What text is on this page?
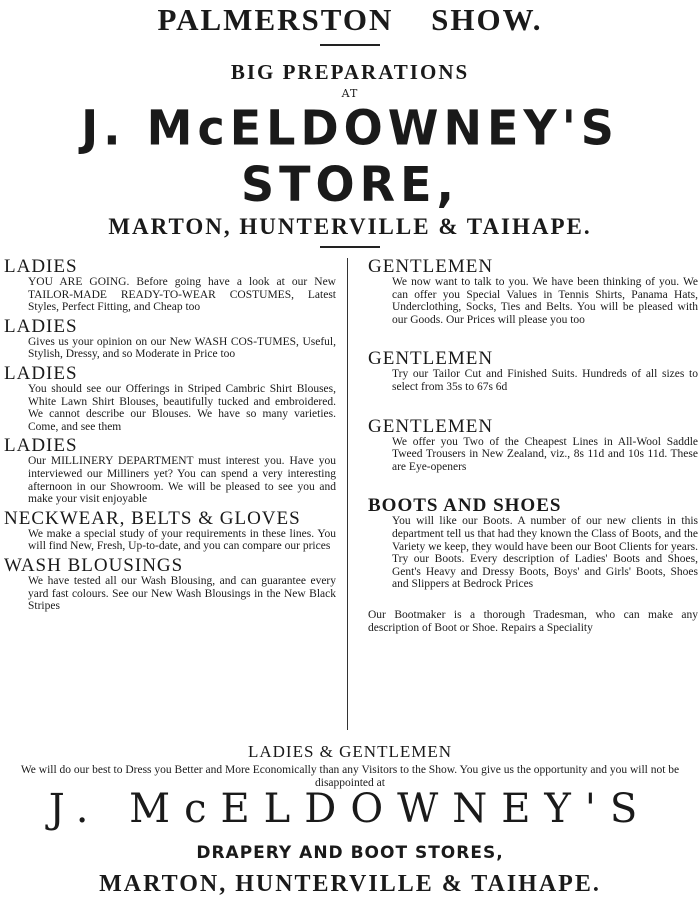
PALMERSTON SHOW.
BIG PREPARATIONS
AT
J. McELDOWNEY'S STORE,
MARTON, HUNTERVILLE & TAIHAPE.

LADIES

YOU ARE GOING. Before going have a look at our New TAILOR-MADE READY-TO-WEAR COSTUMES, Latest Styles, Perfect Fitting, and Cheap too

LADIES

Gives us your opinion on our New WASH COS-TUMES, Useful, Stylish, Dressy, and so Moderate in Price too

LADIES

You should see our Offerings in Striped Cambric Shirt Blouses, White Lawn Shirt Blouses, beautifully tucked and embroidered. We cannot describe our Blouses. We have so many varieties. Come, and see them

LADIES

Our MILLINERY DEPARTMENT must interest you. Have you interviewed our Milliners yet? You can spend a very interesting afternoon in our Showroom. We will be pleased to see you and make your visit enjoyable

NECKWEAR, BELTS & GLOVES

We make a special study of your requirements in these lines. You will find New, Fresh, Up-to-date, and you can compare our prices

WASH BLOUSINGS

We have tested all our Wash Blousing, and can guarantee every yard fast colours. See our New Wash Blousings in the New Black Stripes

GENTLEMEN

We now want to talk to you. We have been thinking of you. We can offer you Special Values in Tennis Shirts, Panama Hats, Underclothing, Socks, Ties and Belts. You will be pleased with our Goods. Our Prices will please you too

GENTLEMEN

Try our Tailor Cut and Finished Suits. Hundreds of all sizes to select from 35s to 67s 6d

GENTLEMEN

We offer you Two of the Cheapest Lines in All-Wool Saddle Tweed Trousers in New Zealand, viz., 8s 11d and 10s 11d. These are Eye-openers

BOOTS AND SHOES

You will like our Boots. A number of our new clients in this department tell us that had they known the Class of Boots, and the Variety we keep, they would have been our Boot Clients for years. Try our Boots. Every description of Ladies' Boots and Shoes, Gent's Heavy and Dressy Boots, Boys' and Girls' Boots, Shoes and Slippers at Bedrock Prices

Our Bootmaker is a thorough Tradesman, who can make any description of Boot or Shoe. Repairs a Speciality

LADIES & GENTLEMEN
We will do our best to Dress you Better and More Economically than any Visitors to the Show. You give us the opportunity and you will not be disappointed at
J. McELDOWNEY'S
DRAPERY AND BOOT STORES,
MARTON, HUNTERVILLE & TAIHAPE.
